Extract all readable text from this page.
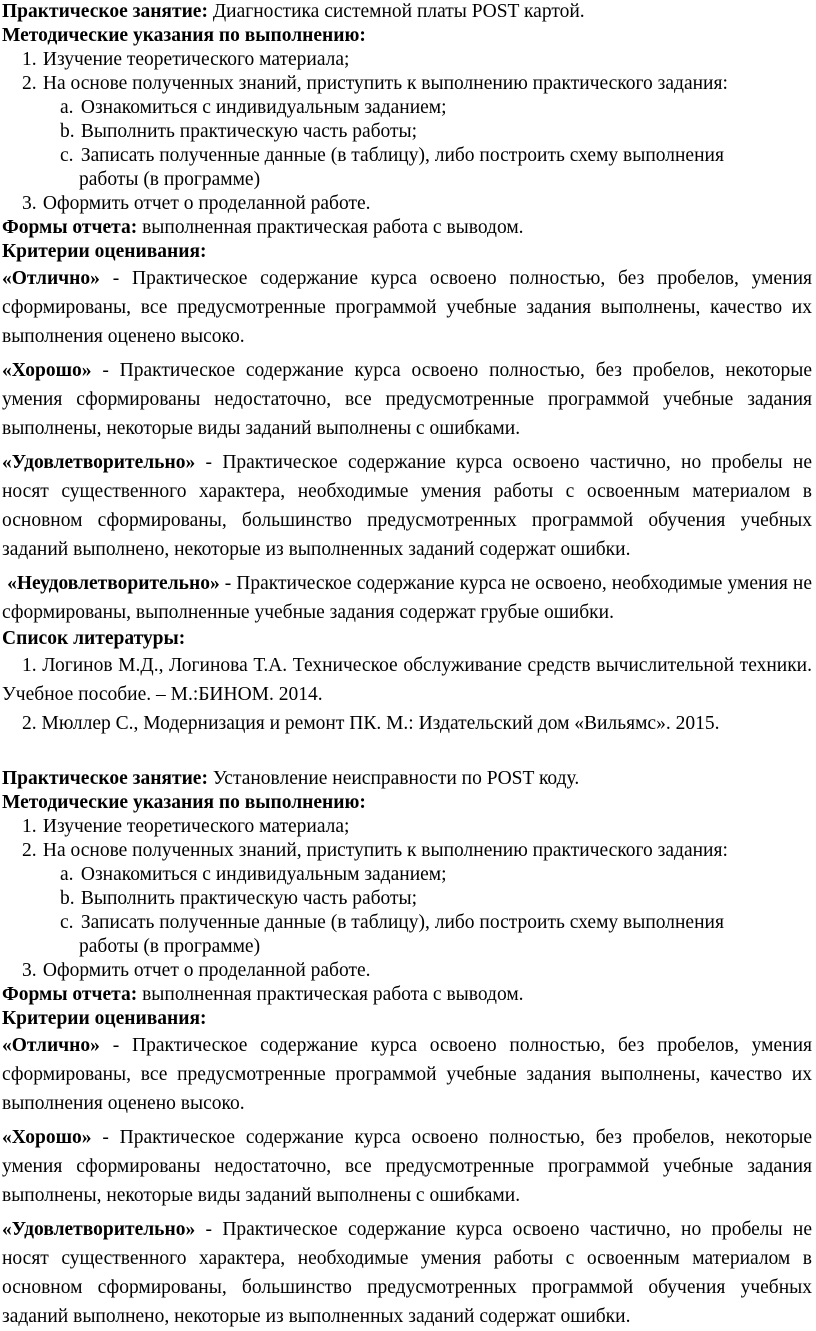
Практическое занятие: Диагностика системной платы POST картой.
Методические указания по выполнению:
1. Изучение теоретического материала;
2. На основе полученных знаний, приступить к выполнению практического задания:
a. Ознакомиться с индивидуальным заданием;
b. Выполнить практическую часть работы;
c. Записать полученные данные (в таблицу), либо построить схему выполнения
работы (в программе)
3. Оформить отчет о проделанной работе.
Формы отчета: выполненная практическая работа с выводом.
Критерии оценивания:

«Отлично» - Практическое содержание курса освоено полностью, без пробелов, умения сформированы, все предусмотренные программой учебные задания выполнены, качество их выполнения оценено высоко.

«Хорошо» - Практическое содержание курса освоено полностью, без пробелов, некоторые умения сформированы недостаточно, все предусмотренные программой учебные задания выполнены, некоторые виды заданий выполнены с ошибками.

«Удовлетворительно» - Практическое содержание курса освоено частично, но пробелы не носят существенного характера, необходимые умения работы с освоенным материалом в основном сформированы, большинство предусмотренных программой обучения учебных заданий выполнено, некоторые из выполненных заданий содержат ошибки.

«Неудовлетворительно» - Практическое содержание курса не освоено, необходимые умения не сформированы, выполненные учебные задания содержат грубые ошибки.

Список литературы:

1. Логинов М.Д., Логинова Т.А. Техническое обслуживание средств вычислительной техники. Учебное пособие. – М.:БИНОМ. 2014.

2. Мюллер С., Модернизация и ремонт ПК. М.: Издательский дом «Вильямс». 2015.

Практическое занятие: Установление неисправности по POST коду.
Методические указания по выполнению:
1. Изучение теоретического материала;
2. На основе полученных знаний, приступить к выполнению практического задания:
a. Ознакомиться с индивидуальным заданием;
b. Выполнить практическую часть работы;
c. Записать полученные данные (в таблицу), либо построить схему выполнения
работы (в программе)
3. Оформить отчет о проделанной работе.
Формы отчета: выполненная практическая работа с выводом.
Критерии оценивания:

«Отлично» - Практическое содержание курса освоено полностью, без пробелов, умения сформированы, все предусмотренные программой учебные задания выполнены, качество их выполнения оценено высоко.

«Хорошо» - Практическое содержание курса освоено полностью, без пробелов, некоторые умения сформированы недостаточно, все предусмотренные программой учебные задания выполнены, некоторые виды заданий выполнены с ошибками.

«Удовлетворительно» - Практическое содержание курса освоено частично, но пробелы не носят существенного характера, необходимые умения работы с освоенным материалом в основном сформированы, большинство предусмотренных программой обучения учебных заданий выполнено, некоторые из выполненных заданий содержат ошибки.
